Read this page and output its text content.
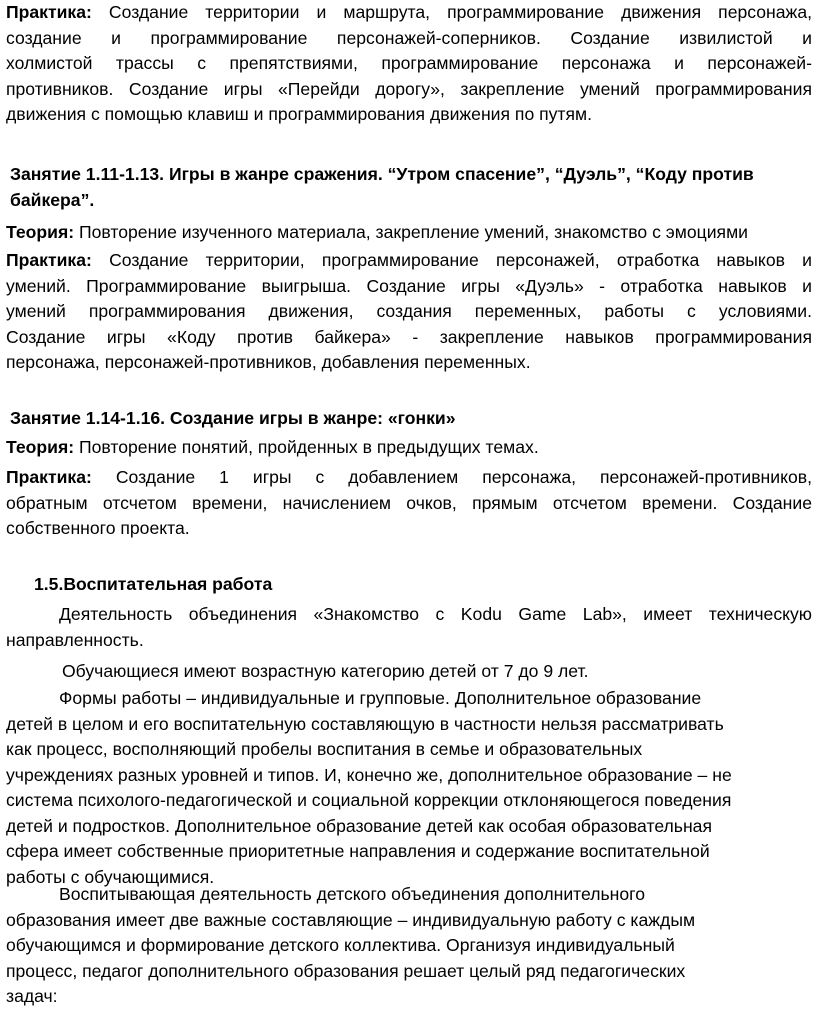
Практика: Создание территории и маршрута, программирование движения персонажа,
создание и программирование персонажей-соперников. Создание извилистой и
холмистой трассы с препятствиями, программирование персонажа и персонажей-
противников. Создание игры «Перейди дорогу», закрепление умений программирования
движения с помощью клавиш и программирования движения по путям.
Занятие 1.11-1.13. Игры в жанре сражения. “Утром спасение”, “Дуэль”, “Коду против
байкера”.
Теория: Повторение изученного материала, закрепление умений, знакомство с эмоциями
Практика: Создание территории, программирование персонажей, отработка навыков и
умений. Программирование выигрыша. Создание игры «Дуэль» - отработка навыков и
умений программирования движения, создания переменных, работы с условиями.
Создание игры «Коду против байкера» - закрепление навыков программирования
персонажа, персонажей-противников, добавления переменных.
Занятие 1.14-1.16. Создание игры в жанре: «гонки»
Теория: Повторение понятий, пройденных в предыдущих темах.
Практика: Создание 1 игры с добавлением персонажа, персонажей-противников,
обратным отсчетом времени, начислением очков, прямым отсчетом времени. Создание
собственного проекта.
1.5.Воспитательная работа
Деятельность объединения «Знакомство с Kodu Game Lab», имеет техническую
направленность.
Обучающиеся имеют возрастную категорию детей от 7 до 9 лет.
Формы работы – индивидуальные и групповые. Дополнительное образование
детей в целом и его воспитательную составляющую в частности нельзя рассматривать
как процесс, восполняющий пробелы воспитания в семье и образовательных
учреждениях разных уровней и типов. И, конечно же, дополнительное образование – не
система психолого-педагогической и социальной коррекции отклоняющегося поведения
детей и подростков. Дополнительное образование детей как особая образовательная
сфера имеет собственные приоритетные направления и содержание воспитательной
работы с обучающимися.
Воспитывающая деятельность детского объединения дополнительного
образования имеет две важные составляющие – индивидуальную работу с каждым
обучающимся и формирование детского коллектива. Организуя индивидуальный
процесс, педагог дополнительного образования решает целый ряд педагогических
задач:
